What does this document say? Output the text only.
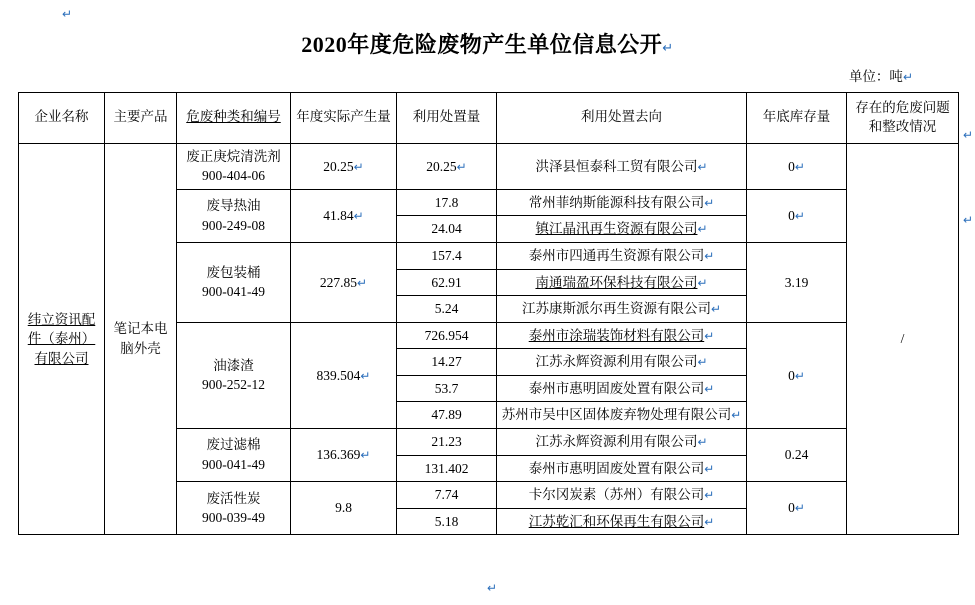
↵
2020年度危险废物产生单位信息公开↵
单位：吨↵
企业名称	主要产品	危废种类和编号	年度实际产生量	利用处置量	利用处置去向	年底库存量	存在的危废问题和整改情况
纬立资讯配件（泰州）有限公司	笔记本电脑外壳	废正庚烷清洗剂
900-404-06	20.25↵	20.25↵	洪泽县恒泰科工贸有限公司↵	0↵	/

		废导热油
900-249-08	41.84↵	17.8	常州菲纳斯能源科技有限公司↵	0↵	
				24.04	镇江晶汛再生资源有限公司↵		

		废包装桶
900-041-49	227.85↵	157.4	泰州市四通再生资源有限公司↵	3.19	
				62.91	南通瑞盈环保科技有限公司↵		
				5.24	江苏康斯派尔再生资源有限公司↵		

		油漆渣
900-252-12	839.504↵	726.954	泰州市涂瑞装饰材料有限公司↵	0↵	
				14.27	江苏永辉资源利用有限公司↵		
				53.7	泰州市惠明固废处置有限公司↵		
				47.89	苏州市吴中区固体废弃物处理有限公司↵		

		废过滤棉
900-041-49	136.369↵	21.23	江苏永辉资源利用有限公司↵	0.24	
				131.402	泰州市惠明固废处置有限公司↵		

		废活性炭
900-039-49	9.8	7.74	卡尔冈炭素（苏州）有限公司↵	0↵	
				5.18	江苏乾汇和环保再生有限公司↵		
↵
↵
↵
